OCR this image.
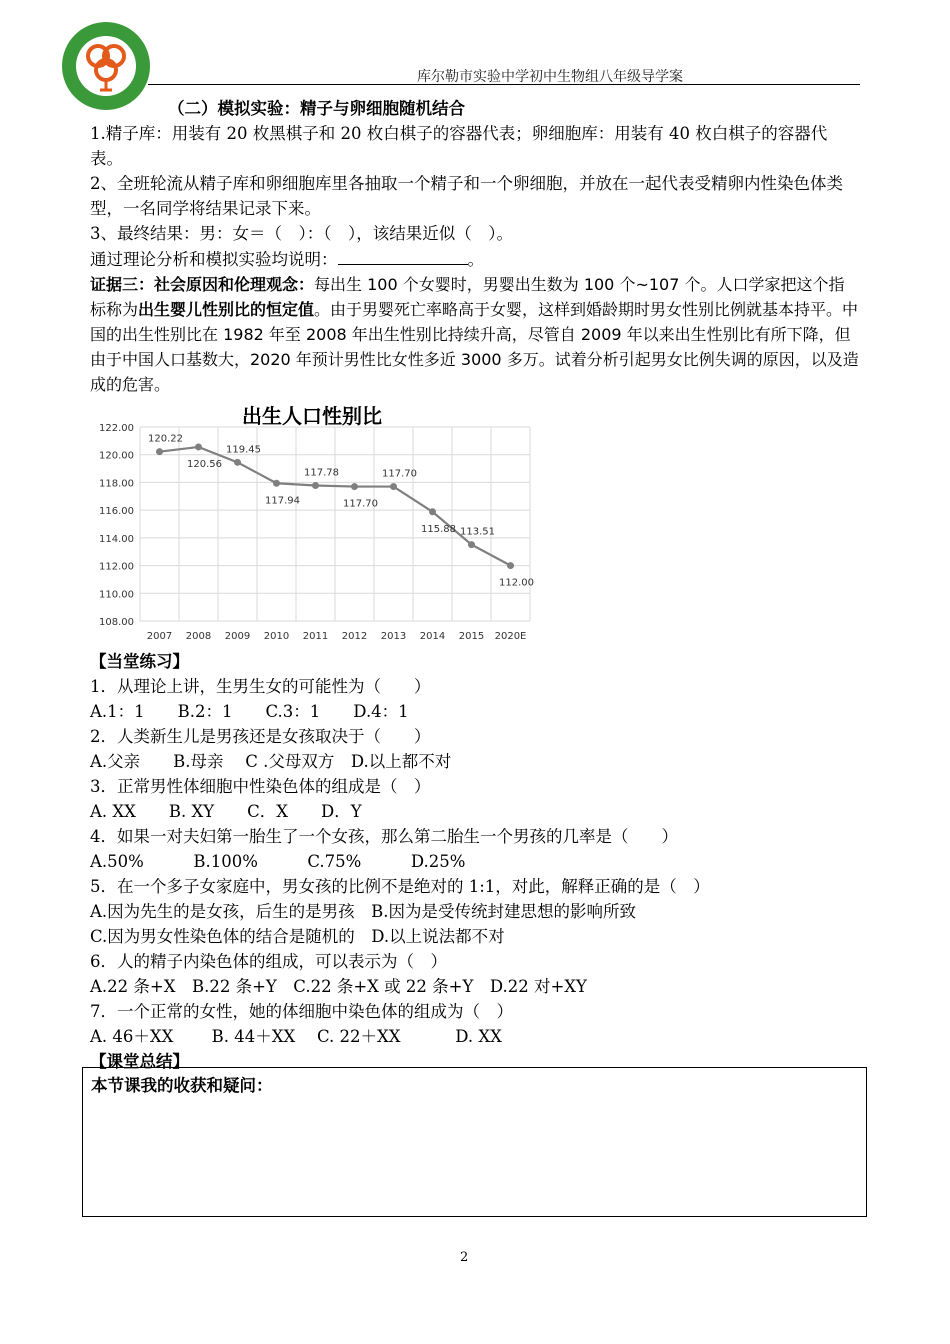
库尔勒市实验中学初中生物组八年级导学案

（二）模拟实验：精子与卵细胞随机结合

1.精子库：用装有 20 枚黑棋子和 20 枚白棋子的容器代表；卵细胞库：用装有 40 枚白棋子的容器代表。

2、全班轮流从精子库和卵细胞库里各抽取一个精子和一个卵细胞，并放在一起代表受精卵内性染色体类型，一名同学将结果记录下来。

3、最终结果：男：女＝（　）：（　），该结果近似（　）。

通过理论分析和模拟实验均说明：	。

证据三：社会原因和伦理观念：每出生 100 个女婴时，男婴出生数为 100 个~107 个。人口学家把这个指标称为出生婴儿性别比的恒定值。由于男婴死亡率略高于女婴，这样到婚龄期时男女性别比例就基本持平。中国的出生性别比在 1982 年至 2008 年出生性别比持续升高，尽管自 2009 年以来出生性别比有所下降，但由于中国人口基数大，2020 年预计男性比女性多近 3000 多万。试着分析引起男女比例失调的原因，以及造成的危害。

出生人口性别比
122.00
120.00
118.00
116.00
114.00
112.00
110.00
108.00
2007 2008 2009 2010 2011 2012 2013 2014 2015 2020E
120.22
120.56
119.45
117.94
117.78
117.70
117.70
115.88 113.51
112.00

【当堂练习】

1．从理论上讲，生男生女的可能性为（　　）

A.1：1　　B.2：1　　C.3：1　　D.4：1

2．人类新生儿是男孩还是女孩取决于（　　）

A.父亲　　B.母亲　 C .父母双方　D.以上都不对

3．正常男性体细胞中性染色体的组成是（　）

A. XX　　B. XY　　C．X　　D．Y

4．如果一对夫妇第一胎生了一个女孩，那么第二胎生一个男孩的几率是（　　）

A.50%　　　B.100%　　　C.75%　　　D.25%

5．在一个多子女家庭中，男女孩的比例不是绝对的 1:1，对此，解释正确的是（　）

A.因为先生的是女孩，后生的是男孩　B.因为是受传统封建思想的影响所致

C.因为男女性染色体的结合是随机的　D.以上说法都不对

6．人的精子内染色体的组成，可以表示为（　）

A.22 条+X　B.22 条+Y　C.22 条+X 或 22 条+Y　D.22 对+XY

7．一个正常的女性，她的体细胞中染色体的组成为（　）

A. 46＋XX　　 B. 44＋XX　 C. 22＋XX　　　 D. XX

【课堂总结】

本节课我的收获和疑问：
2
